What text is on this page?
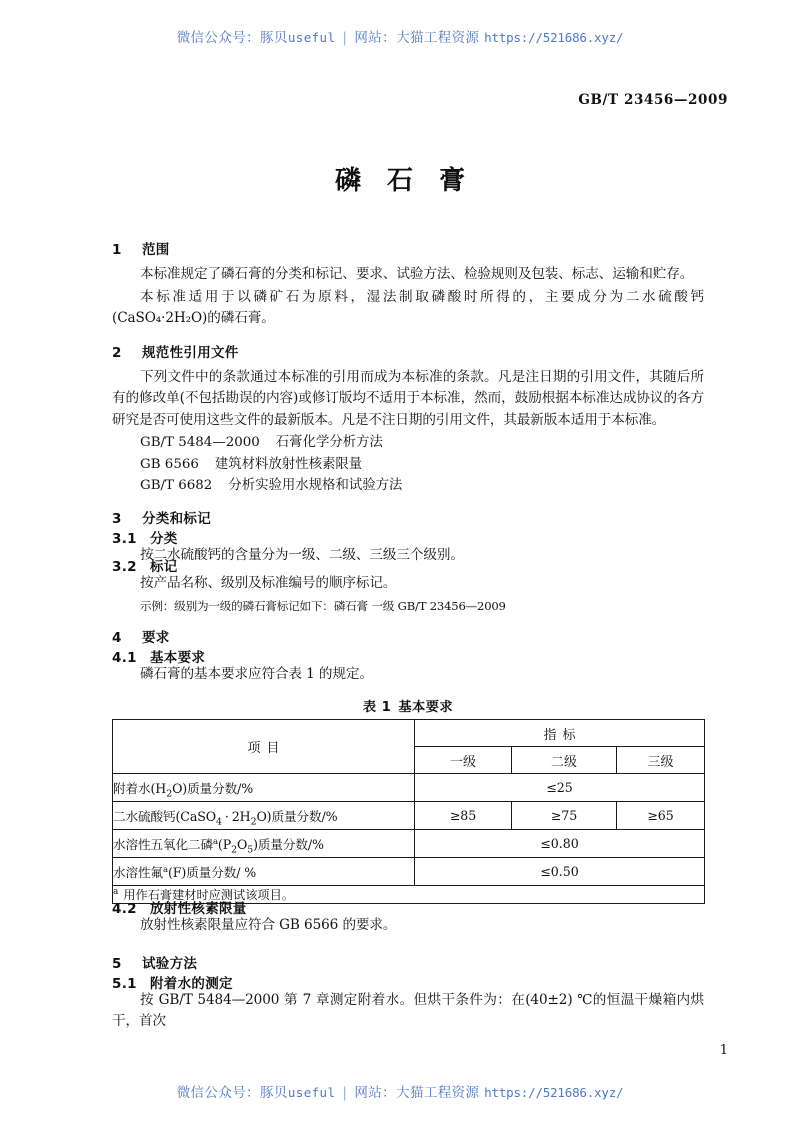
微信公众号：豚贝useful | 网站：大猫工程资源 https://521686.xyz/
GB/T 23456—2009
磷石膏
1 范围

本标准规定了磷石膏的分类和标记、要求、试验方法、检验规则及包装、标志、运输和贮存。

本标准适用于以磷矿石为原料，湿法制取磷酸时所得的，主要成分为二水硫酸钙(CaSO₄·2H₂O)的磷石膏。

2 规范性引用文件

下列文件中的条款通过本标准的引用而成为本标准的条款。凡是注日期的引用文件，其随后所有的修改单(不包括勘误的内容)或修订版均不适用于本标准，然而，鼓励根据本标准达成协议的各方研究是否可使用这些文件的最新版本。凡是不注日期的引用文件，其最新版本适用于本标准。

GB/T 5484—2000 石膏化学分析方法

GB 6566 建筑材料放射性核素限量

GB/T 6682 分析实验用水规格和试验方法

3 分类和标记
3.1 分类

按二水硫酸钙的含量分为一级、二级、三级三个级别。

3.2 标记

按产品名称、级别及标准编号的顺序标记。

示例：级别为一级的磷石膏标记如下：磷石膏 一级 GB/T 23456—2009

4 要求
4.1 基本要求

磷石膏的基本要求应符合表 1 的规定。

表 1 基本要求
项目	指标		
	一级	二级	三级
附着水$(H_2O)$质量分数/%	≤25		
二水硫酸钙(CaSO$_4$ · $2H_2O$)质量分数/%	≥85	≥75	≥65
水溶性五氧化二磷$^a(P_2O_5)$质量分数/%	≤0.80		
水溶性氟$^a$(F)质量分数/ %	≤0.50		
$^a$ 用作石膏建材时应测试该项目。			
4.2 放射性核素限量

放射性核素限量应符合 GB 6566 的要求。

5 试验方法
5.1 附着水的测定

按 GB/T 5484—2000 第 7 章测定附着水。但烘干条件为：在(40±2) ℃的恒温干燥箱内烘干，首次

1
微信公众号：豚贝useful | 网站：大猫工程资源 https://521686.xyz/
